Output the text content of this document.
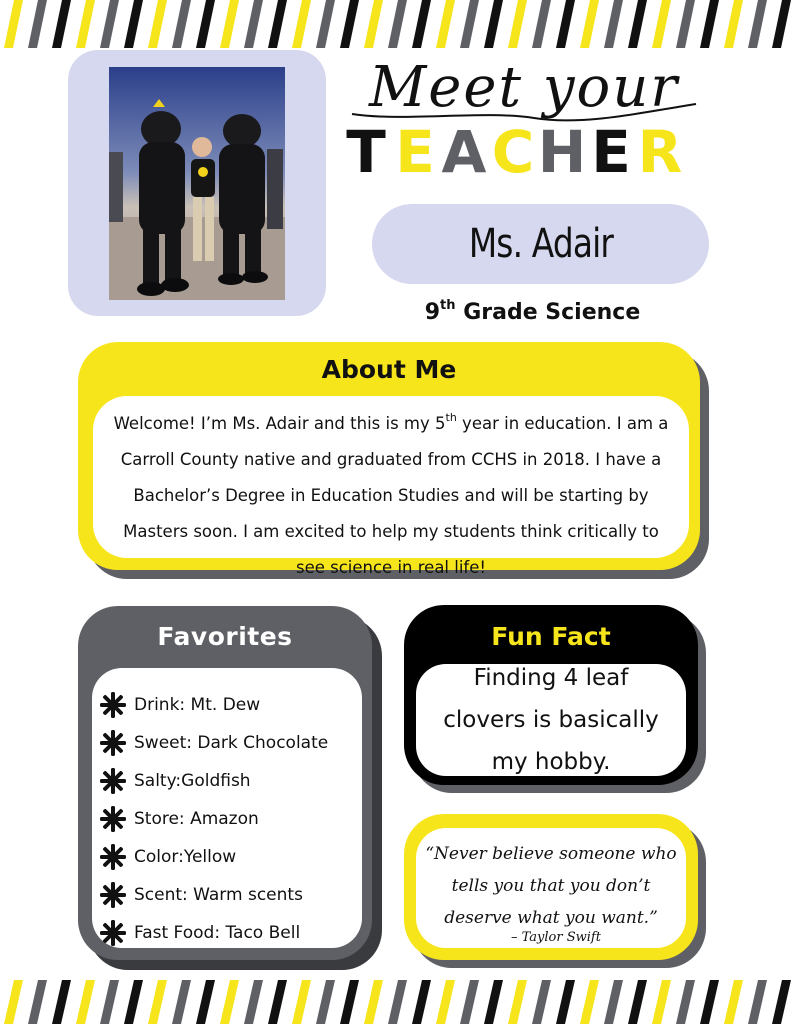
Meet your
T E A C H E R
Ms. Adair
9th Grade Science
About Me
Welcome! I’m Ms. Adair and this is my 5th year in education. I am a Carroll County native and graduated from CCHS in 2018. I have a Bachelor’s Degree in Education Studies and will be starting by Masters soon. I am excited to help my students think critically to see science in real life!
Favorites
Drink: Mt. Dew
Sweet: Dark Chocolate
Salty:Goldfish
Store: Amazon
Color:Yellow
Scent: Warm scents
Fast Food: Taco Bell
Fun Fact
Finding 4 leaf clovers is basically my hobby.
“Never believe someone who tells you that you don’t deserve what you want.”
– Taylor Swift
